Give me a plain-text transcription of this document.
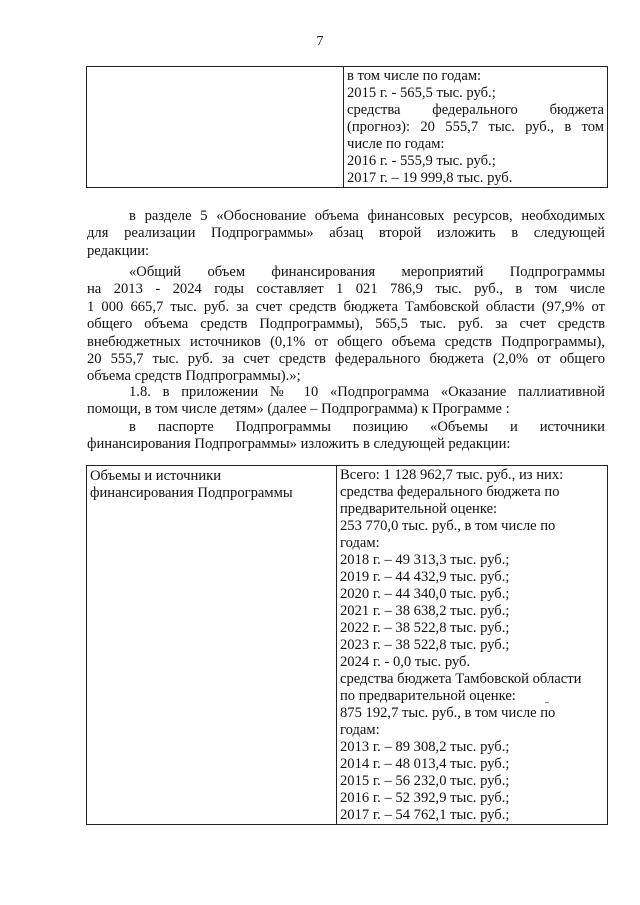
7

в том числе по годам:
2015 г. - 565,5 тыс. руб.;
средства федерального бюджета
(прогноз): 20 555,7 тыс. руб., в том
числе по годам:
2016 г. - 555,9 тыс. руб.;
2017 г. – 19 999,8 тыс. руб.
в разделе 5 «Обоснование объема финансовых ресурсов, необходимых
для реализации Подпрограммы» абзац второй изложить в следующей
редакции:
«Общий объем финансирования мероприятий Подпрограммы
на 2013 - 2024 годы составляет 1 021 786,9 тыс. руб., в том числе
1 000 665,7 тыс. руб. за счет средств бюджета Тамбовской области (97,9% от
общего объема средств Подпрограммы), 565,5 тыс. руб. за счет средств
внебюджетных источников (0,1% от общего объема средств Подпрограммы),
20 555,7 тыс. руб. за счет средств федерального бюджета (2,0% от общего
объема средств Подпрограммы).»;
1.8. в приложении № 10 «Подпрограмма «Оказание паллиативной
помощи, в том числе детям» (далее – Подпрограмма) к Программе :
в паспорте Подпрограммы позицию «Объемы и источники
финансирования Подпрограммы» изложить в следующей редакции:
Объемы и источники
финансирования Подпрограммы

Всего: 1 128 962,7 тыс. руб., из них:
средства федерального бюджета по
предварительной оценке:
253 770,0 тыс. руб., в том числе по
годам:
2018 г. – 49 313,3 тыс. руб.;
2019 г. – 44 432,9 тыс. руб.;
2020 г. – 44 340,0 тыс. руб.;
2021 г. – 38 638,2 тыс. руб.;
2022 г. – 38 522,8 тыс. руб.;
2023 г. – 38 522,8 тыс. руб.;
2024 г. - 0,0 тыс. руб.
средства бюджета Тамбовской области
по предварительной оценке:
875 192,7 тыс. руб., в том числе по
годам:
2013 г. – 89 308,2 тыс. руб.;
2014 г. – 48 013,4 тыс. руб.;
2015 г. – 56 232,0 тыс. руб.;
2016 г. – 52 392,9 тыс. руб.;
2017 г. – 54 762,1 тыс. руб.;
